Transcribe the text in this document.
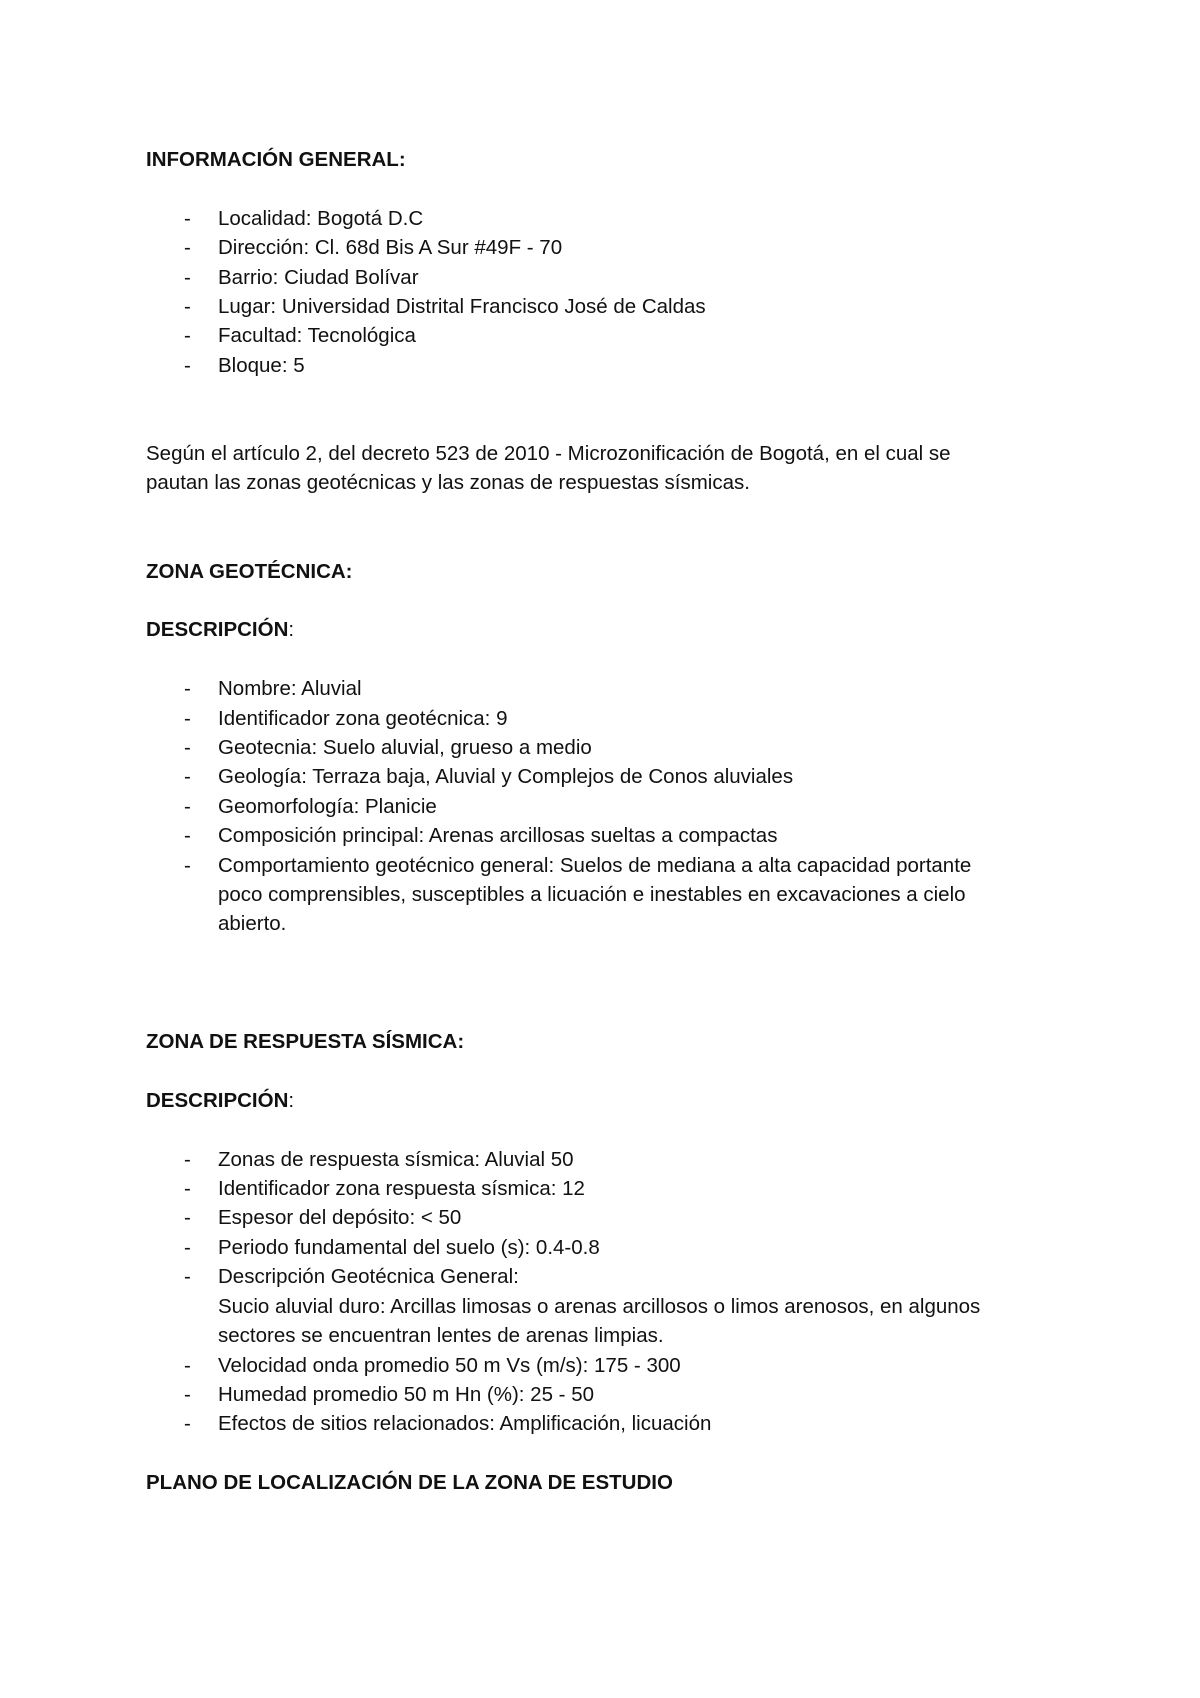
INFORMACIÓN GENERAL:

- Localidad: Bogotá D.C
- Dirección: Cl. 68d Bis A Sur #49F - 70
- Barrio: Ciudad Bolívar
- Lugar: Universidad Distrital Francisco José de Caldas
- Facultad: Tecnológica
- Bloque: 5

Según el artículo 2, del decreto 523 de 2010 - Microzonificación de Bogotá, en el cual se
pautan las zonas geotécnicas y las zonas de respuestas sísmicas.

ZONA GEOTÉCNICA:

DESCRIPCIÓN:

- Nombre: Aluvial
- Identificador zona geotécnica: 9
- Geotecnia: Suelo aluvial, grueso a medio
- Geología: Terraza baja, Aluvial y Complejos de Conos aluviales
- Geomorfología: Planicie
- Composición principal: Arenas arcillosas sueltas a compactas
- Comportamiento geotécnico general: Suelos de mediana a alta capacidad portante
poco comprensibles, susceptibles a licuación e inestables en excavaciones a cielo
abierto.

ZONA DE RESPUESTA SÍSMICA:

DESCRIPCIÓN:

- Zonas de respuesta sísmica: Aluvial 50
- Identificador zona respuesta sísmica: 12
- Espesor del depósito: < 50
- Periodo fundamental del suelo (s): 0.4-0.8
- Descripción Geotécnica General:
Sucio aluvial duro: Arcillas limosas o arenas arcillosos o limos arenosos, en algunos
sectores se encuentran lentes de arenas limpias.
- Velocidad onda promedio 50 m Vs (m/s): 175 - 300
- Humedad promedio 50 m Hn (%): 25 - 50
- Efectos de sitios relacionados: Amplificación, licuación

PLANO DE LOCALIZACIÓN DE LA ZONA DE ESTUDIO
